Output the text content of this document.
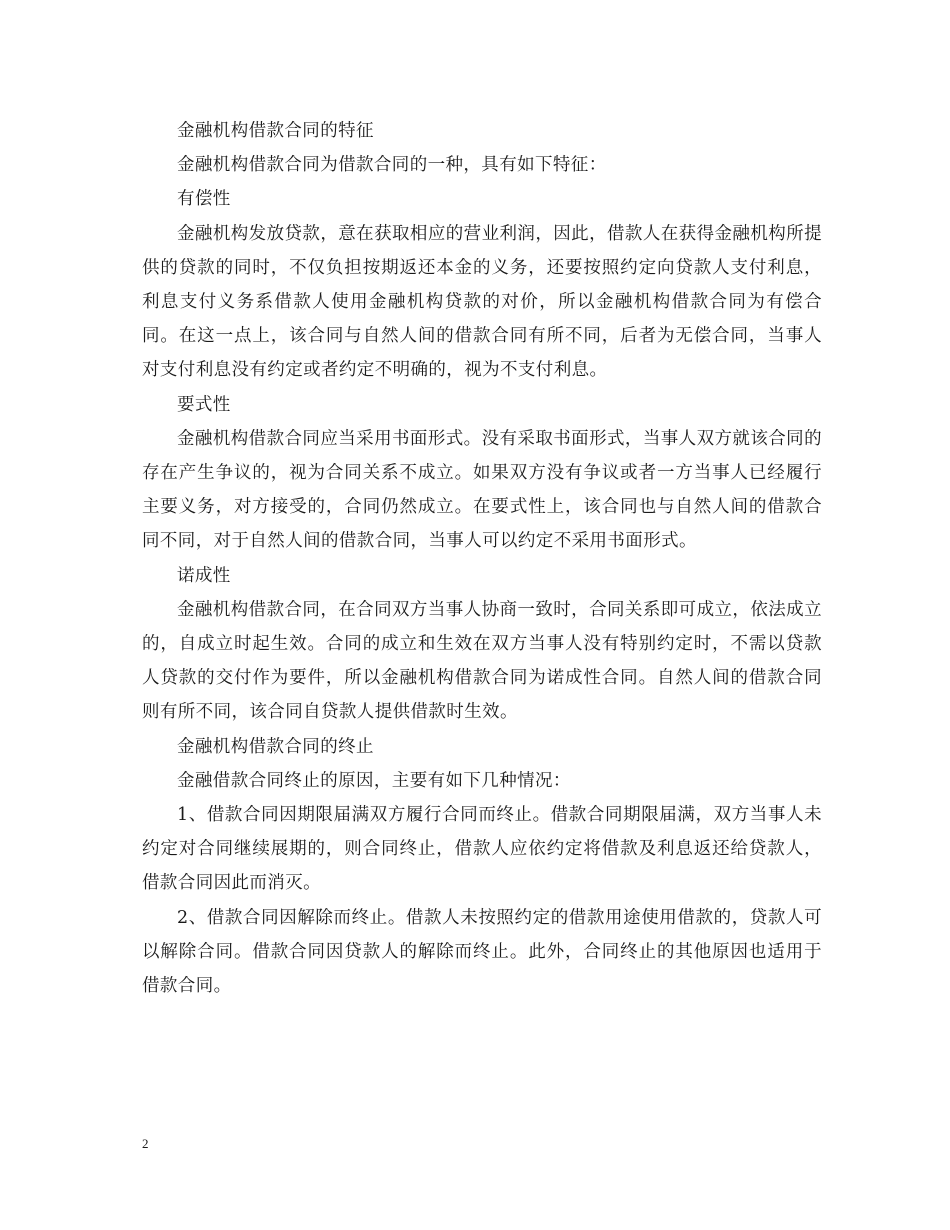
金融机构借款合同的特征

金融机构借款合同为借款合同的一种，具有如下特征：

有偿性

金融机构发放贷款，意在获取相应的营业利润，因此，借款人在获得金融机构所提供的贷款的同时，不仅负担按期返还本金的义务，还要按照约定向贷款人支付利息，利息支付义务系借款人使用金融机构贷款的对价，所以金融机构借款合同为有偿合同。在这一点上，该合同与自然人间的借款合同有所不同，后者为无偿合同，当事人对支付利息没有约定或者约定不明确的，视为不支付利息。

要式性

金融机构借款合同应当采用书面形式。没有采取书面形式，当事人双方就该合同的存在产生争议的，视为合同关系不成立。如果双方没有争议或者一方当事人已经履行主要义务，对方接受的，合同仍然成立。在要式性上，该合同也与自然人间的借款合同不同，对于自然人间的借款合同，当事人可以约定不采用书面形式。

诺成性

金融机构借款合同，在合同双方当事人协商一致时，合同关系即可成立，依法成立的，自成立时起生效。合同的成立和生效在双方当事人没有特别约定时，不需以贷款人贷款的交付作为要件，所以金融机构借款合同为诺成性合同。自然人间的借款合同则有所不同，该合同自贷款人提供借款时生效。

金融机构借款合同的终止

金融借款合同终止的原因，主要有如下几种情况：

1、借款合同因期限届满双方履行合同而终止。借款合同期限届满，双方当事人未约定对合同继续展期的，则合同终止，借款人应依约定将借款及利息返还给贷款人，借款合同因此而消灭。

2、借款合同因解除而终止。借款人未按照约定的借款用途使用借款的，贷款人可以解除合同。借款合同因贷款人的解除而终止。此外，合同终止的其他原因也适用于借款合同。

2
